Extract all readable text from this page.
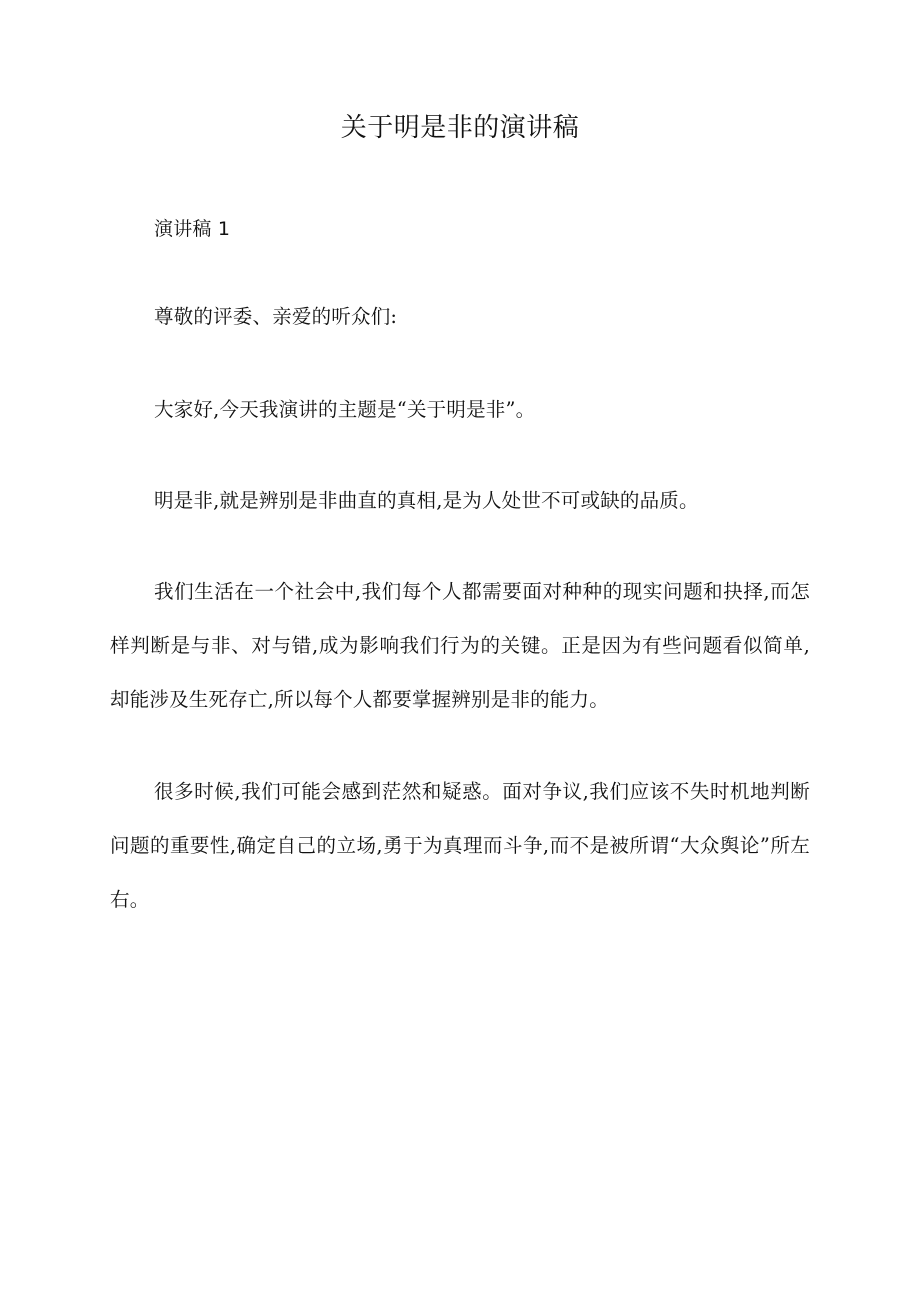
关于明是非的演讲稿

演讲稿 1

尊敬的评委、亲爱的听众们:

大家好,今天我演讲的主题是“关于明是非”。

明是非,就是辨别是非曲直的真相,是为人处世不可或缺的品质。

我们生活在一个社会中,我们每个人都需要面对种种的现实问题和抉择,而怎样判断是与非、对与错,成为影响我们行为的关键。正是因为有些问题看似简单,却能涉及生死存亡,所以每个人都要掌握辨别是非的能力。

很多时候,我们可能会感到茫然和疑惑。面对争议,我们应该不失时机地判断问题的重要性,确定自己的立场,勇于为真理而斗争,而不是被所谓“大众舆论”所左右。
